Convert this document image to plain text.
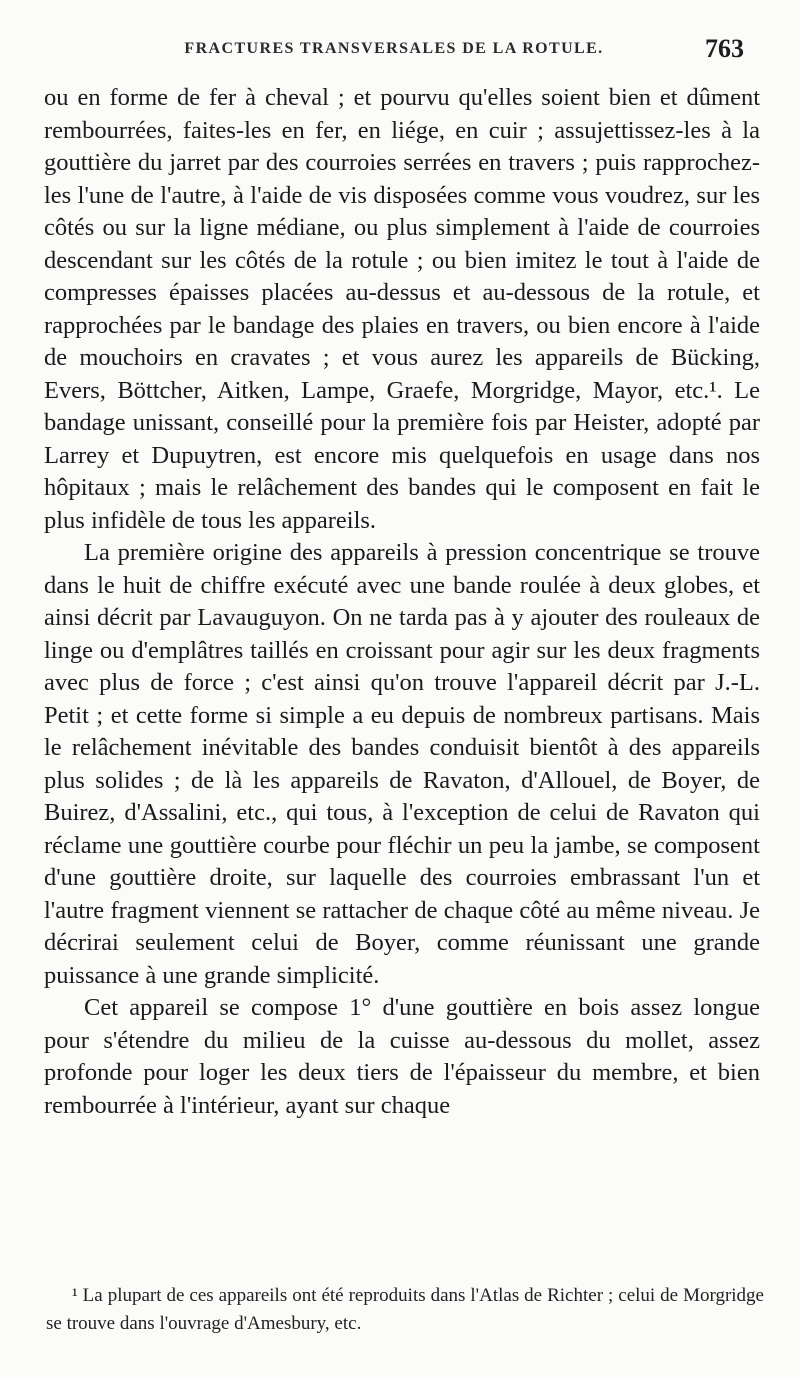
FRACTURES TRANSVERSALES DE LA ROTULE.	763

ou en forme de fer à cheval ; et pourvu qu'elles soient bien et dûment rembourrées, faites-les en fer, en liége, en cuir ; assujettissez-les à la gouttière du jarret par des courroies serrées en travers ; puis rapprochez-les l'une de l'autre, à l'aide de vis disposées comme vous voudrez, sur les côtés ou sur la ligne médiane, ou plus simplement à l'aide de courroies descendant sur les côtés de la rotule ; ou bien imitez le tout à l'aide de compresses épaisses placées au-dessus et au-dessous de la rotule, et rapprochées par le bandage des plaies en travers, ou bien encore à l'aide de mouchoirs en cravates ; et vous aurez les appareils de Bücking, Evers, Böttcher, Aitken, Lampe, Graefe, Morgridge, Mayor, etc.¹. Le bandage unissant, conseillé pour la première fois par Heister, adopté par Larrey et Dupuytren, est encore mis quelquefois en usage dans nos hôpitaux ; mais le relâchement des bandes qui le composent en fait le plus infidèle de tous les appareils.

La première origine des appareils à pression concentrique se trouve dans le huit de chiffre exécuté avec une bande roulée à deux globes, et ainsi décrit par Lavauguyon. On ne tarda pas à y ajouter des rouleaux de linge ou d'emplâtres taillés en croissant pour agir sur les deux fragments avec plus de force ; c'est ainsi qu'on trouve l'appareil décrit par J.-L. Petit ; et cette forme si simple a eu depuis de nombreux partisans. Mais le relâchement inévitable des bandes conduisit bientôt à des appareils plus solides ; de là les appareils de Ravaton, d'Allouel, de Boyer, de Buirez, d'Assalini, etc., qui tous, à l'exception de celui de Ravaton qui réclame une gouttière courbe pour fléchir un peu la jambe, se composent d'une gouttière droite, sur laquelle des courroies embrassant l'un et l'autre fragment viennent se rattacher de chaque côté au même niveau. Je décrirai seulement celui de Boyer, comme réunissant une grande puissance à une grande simplicité.

Cet appareil se compose 1° d'une gouttière en bois assez longue pour s'étendre du milieu de la cuisse au-dessous du mollet, assez profonde pour loger les deux tiers de l'épaisseur du membre, et bien rembourrée à l'intérieur, ayant sur chaque

¹ La plupart de ces appareils ont été reproduits dans l'Atlas de Richter ; celui de Morgridge se trouve dans l'ouvrage d'Amesbury, etc.
